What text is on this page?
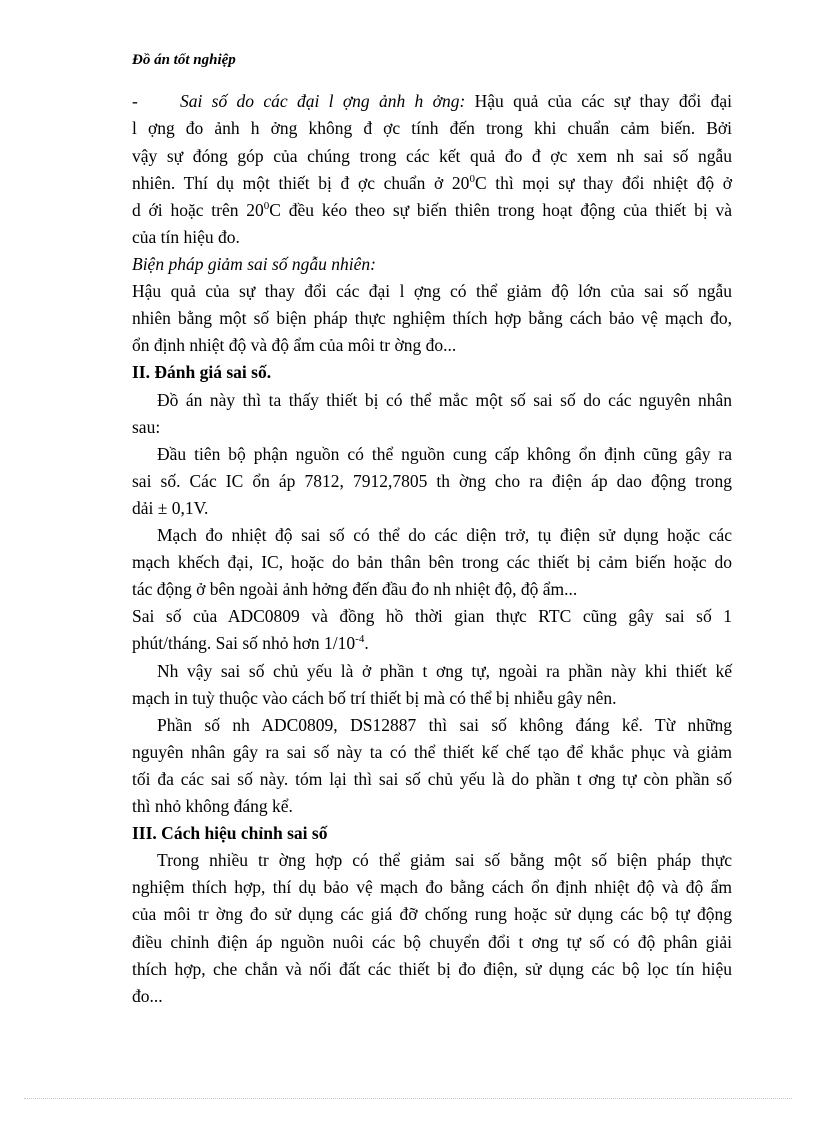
Đồ án tốt nghiệp
- Sai số do các đại l ợng ảnh h ởng: Hậu quả của các sự thay đổi đại
l ợng đo ảnh h ởng không đ ợc tính đến trong khi chuẩn cảm biến. Bởi
vậy sự đóng góp của chúng trong các kết quả đo đ ợc xem nh sai số ngẫu
nhiên. Thí dụ một thiết bị đ ợc chuẩn ở $20^0C$ thì mọi sự thay đổi nhiệt độ ở
d ới hoặc trên $20^0C$ đều kéo theo sự biến thiên trong hoạt động của thiết bị và
của tín hiệu đo.
Biện pháp giảm sai số ngẫu nhiên:
Hậu quả của sự thay đổi các đại l ợng có thể giảm độ lớn của sai số ngẫu
nhiên bằng một số biện pháp thực nghiệm thích hợp bằng cách bảo vệ mạch đo,
ổn định nhiệt độ và độ ẩm của môi tr ờng đo...
II. Đánh giá sai số.
Đồ án này thì ta thấy thiết bị có thể mắc một số sai số do các nguyên nhân
sau:
Đầu tiên bộ phận nguồn có thể nguồn cung cấp không ổn định cũng gây ra
sai số. Các IC ổn áp 7812, 7912,7805 th ờng cho ra điện áp dao động trong
dải ± 0,1V.
Mạch đo nhiệt độ sai số có thể do các diện trở, tụ điện sử dụng hoặc các
mạch khếch đại, IC, hoặc do bản thân bên trong các thiết bị cảm biến hoặc do
tác động ở bên ngoài ảnh hởng đến đầu đo nh nhiệt độ, độ ẩm...
Sai số của ADC0809 và đồng hồ thời gian thực RTC cũng gây sai số 1
phút/tháng. Sai số nhỏ hơn $1/10^{-4}$.
Nh vậy sai số chủ yếu là ở phần t ơng tự, ngoài ra phần này khi thiết kế
mạch in tuỳ thuộc vào cách bố trí thiết bị mà có thể bị nhiễu gây nên.
Phần số nh ADC0809, DS12887 thì sai số không đáng kể. Từ những
nguyên nhân gây ra sai số này ta có thể thiết kế chế tạo để khắc phục và giảm
tối đa các sai số này. tóm lại thì sai số chủ yếu là do phần t ơng tự còn phần số
thì nhỏ không đáng kể.
III. Cách hiệu chỉnh sai số
Trong nhiều tr ờng hợp có thể giảm sai số bằng một số biện pháp thực
nghiệm thích hợp, thí dụ bảo vệ mạch đo bằng cách ổn định nhiệt độ và độ ẩm
của môi tr ờng đo sử dụng các giá đỡ chống rung hoặc sử dụng các bộ tự động
điều chỉnh điện áp nguồn nuôi các bộ chuyển đổi t ơng tự số có độ phân giải
thích hợp, che chắn và nối đất các thiết bị đo điện, sử dụng các bộ lọc tín hiệu
đo...
